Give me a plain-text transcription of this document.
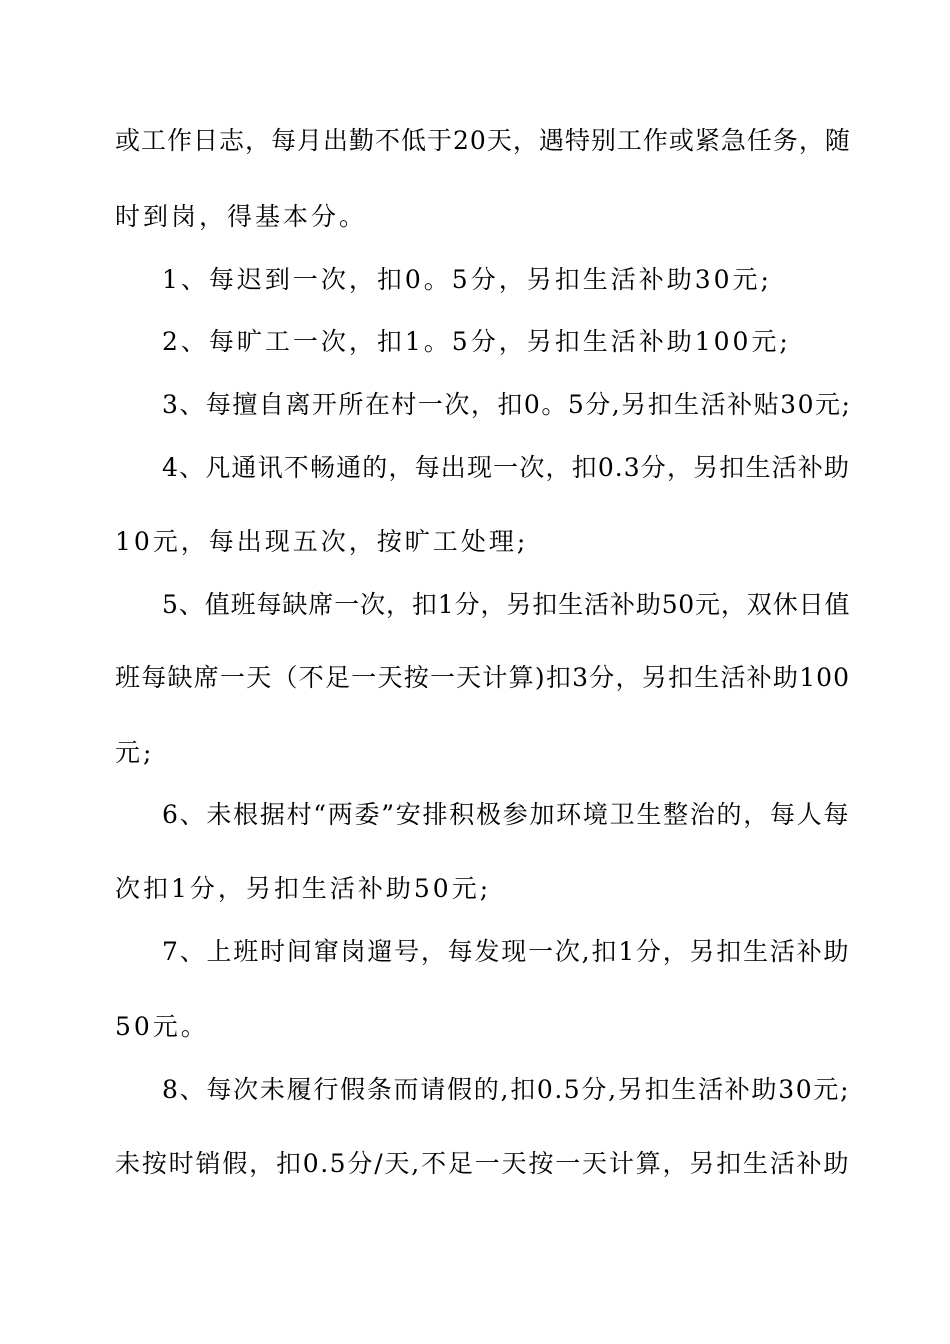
或工作日志，每月出勤不低于20天，遇特别工作或紧急任务，随
时到岗，得基本分。
1、每迟到一次，扣0。5分，另扣生活补助30元;
2、每旷工一次，扣1。5分，另扣生活补助100元;
3、每擅自离开所在村一次，扣0。5分,另扣生活补贴30元;
4、凡通讯不畅通的，每出现一次，扣0.3分，另扣生活补助
10元，每出现五次，按旷工处理;
5、值班每缺席一次，扣1分，另扣生活补助50元，双休日值
班每缺席一天（不足一天按一天计算)扣3分，另扣生活补助100
元;
6、未根据村“两委”安排积极参加环境卫生整治的，每人每
次扣1分，另扣生活补助50元;
7、上班时间窜岗遛号，每发现一次,扣1分，另扣生活补助
50元。
8、每次未履行假条而请假的,扣0.5分,另扣生活补助30元;
未按时销假，扣0.5分/天,不足一天按一天计算，另扣生活补助
